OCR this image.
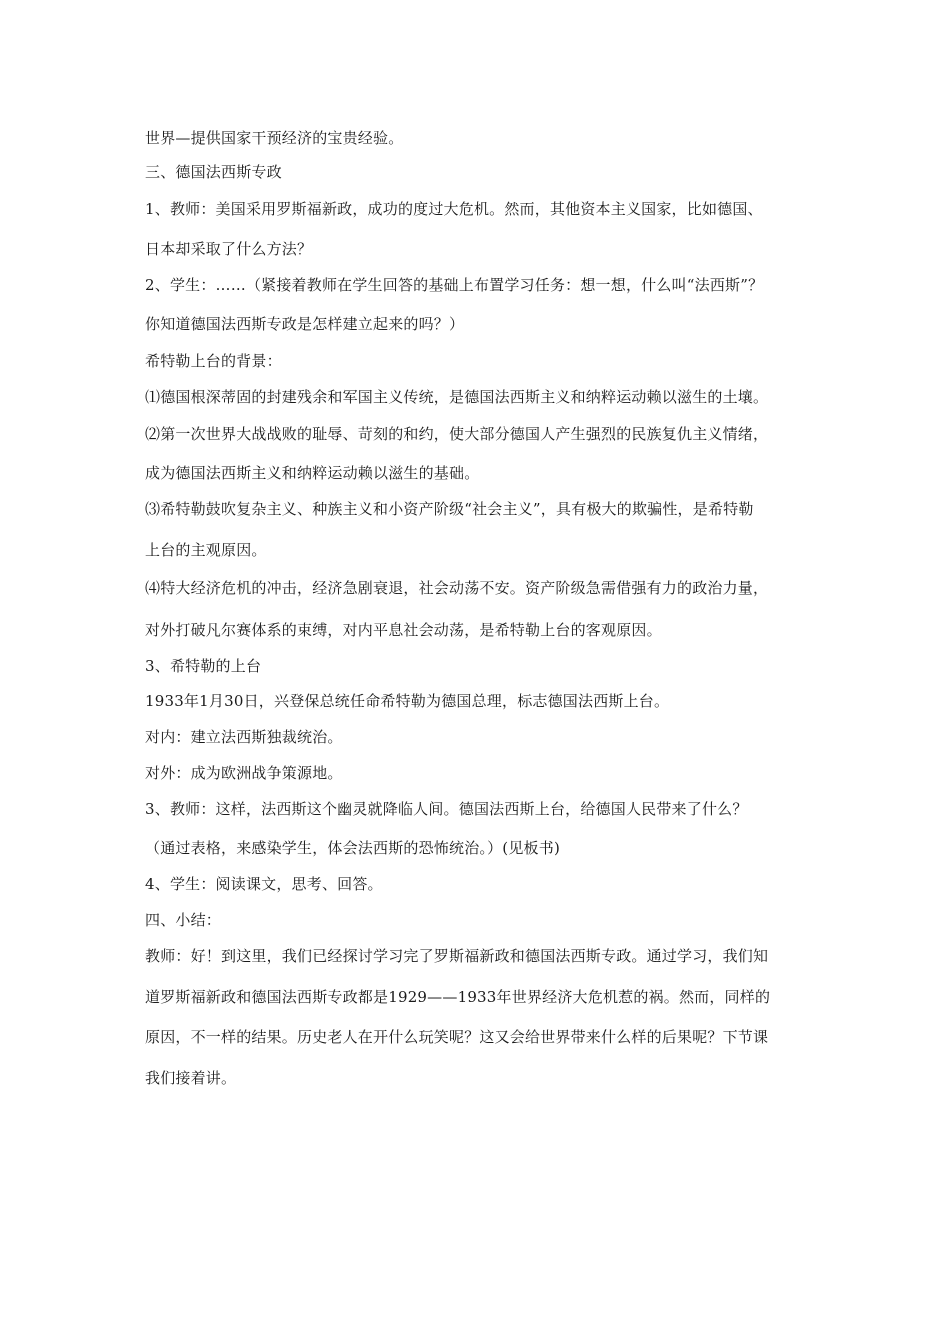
世界—提供国家干预经济的宝贵经验。
三、德国法西斯专政
1、教师：美国采用罗斯福新政，成功的度过大危机。然而，其他资本主义国家，比如德国、
日本却采取了什么方法？
2、学生：……（紧接着教师在学生回答的基础上布置学习任务：想一想，什么叫“法西斯”？
你知道德国法西斯专政是怎样建立起来的吗？）
希特勒上台的背景：
⑴德国根深蒂固的封建残余和军国主义传统，是德国法西斯主义和纳粹运动赖以滋生的土壤。
⑵第一次世界大战战败的耻辱、苛刻的和约，使大部分德国人产生强烈的民族复仇主义情绪，
成为德国法西斯主义和纳粹运动赖以滋生的基础。
⑶希特勒鼓吹复杂主义、种族主义和小资产阶级“社会主义”，具有极大的欺骗性，是希特勒
上台的主观原因。
⑷特大经济危机的冲击，经济急剧衰退，社会动荡不安。资产阶级急需借强有力的政治力量，
对外打破凡尔赛体系的束缚，对内平息社会动荡，是希特勒上台的客观原因。
3、希特勒的上台
1933年1月30日，兴登保总统任命希特勒为德国总理，标志德国法西斯上台。
对内：建立法西斯独裁统治。
对外：成为欧洲战争策源地。
3、教师：这样，法西斯这个幽灵就降临人间。德国法西斯上台，给德国人民带来了什么？
（通过表格，来感染学生，体会法西斯的恐怖统治。）(见板书)
4、学生：阅读课文，思考、回答。
四、小结：
教师：好！到这里，我们已经探讨学习完了罗斯福新政和德国法西斯专政。通过学习，我们知
道罗斯福新政和德国法西斯专政都是1929——1933年世界经济大危机惹的祸。然而，同样的
原因，不一样的结果。历史老人在开什么玩笑呢？这又会给世界带来什么样的后果呢？下节课
我们接着讲。
